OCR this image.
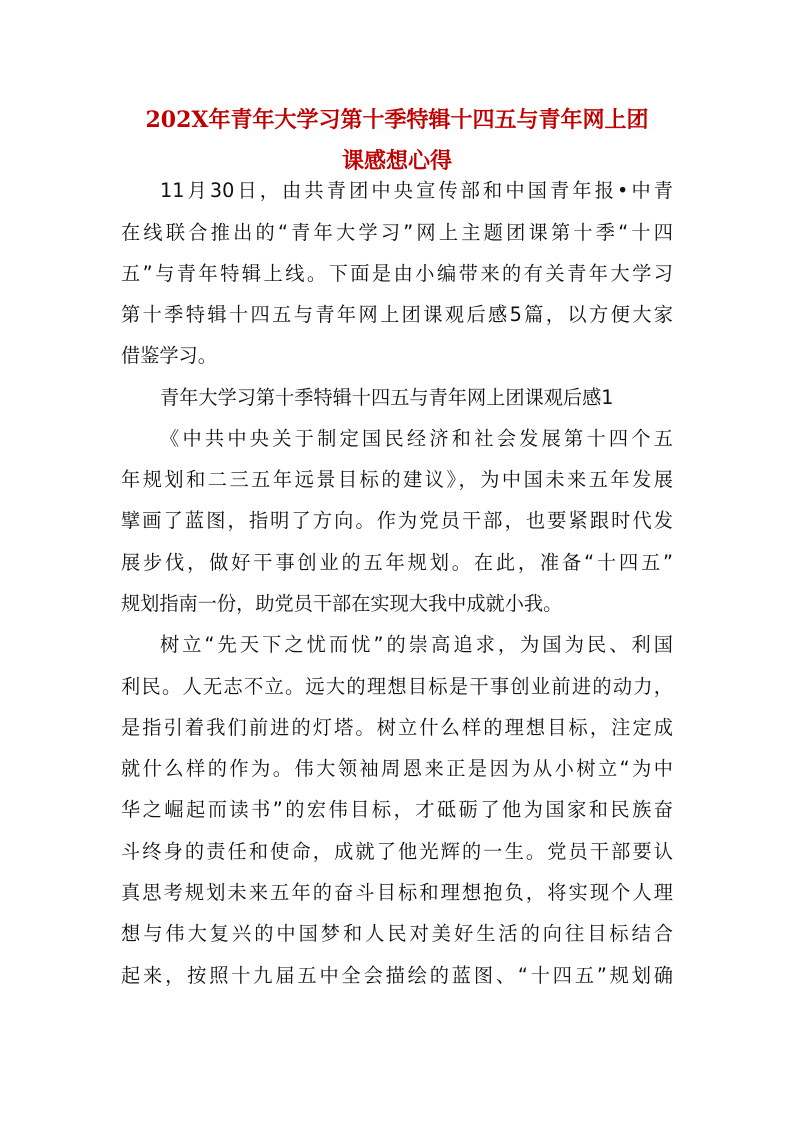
202X年青年大学习第十季特辑十四五与青年网上团
课感想心得
11月30日，由共青团中央宣传部和中国青年报•中青
在线联合推出的“青年大学习”网上主题团课第十季“十四
五”与青年特辑上线。下面是由小编带来的有关青年大学习
第十季特辑十四五与青年网上团课观后感5篇，以方便大家
借鉴学习。
青年大学习第十季特辑十四五与青年网上团课观后感1
《中共中央关于制定国民经济和社会发展第十四个五
年规划和二三五年远景目标的建议》，为中国未来五年发展
擘画了蓝图，指明了方向。作为党员干部，也要紧跟时代发
展步伐，做好干事创业的五年规划。在此，准备“十四五”
规划指南一份，助党员干部在实现大我中成就小我。
树立“先天下之忧而忧”的崇高追求，为国为民、利国
利民。人无志不立。远大的理想目标是干事创业前进的动力，
是指引着我们前进的灯塔。树立什么样的理想目标，注定成
就什么样的作为。伟大领袖周恩来正是因为从小树立“为中
华之崛起而读书”的宏伟目标，才砥砺了他为国家和民族奋
斗终身的责任和使命，成就了他光辉的一生。党员干部要认
真思考规划未来五年的奋斗目标和理想抱负，将实现个人理
想与伟大复兴的中国梦和人民对美好生活的向往目标结合
起来，按照十九届五中全会描绘的蓝图、“十四五”规划确
